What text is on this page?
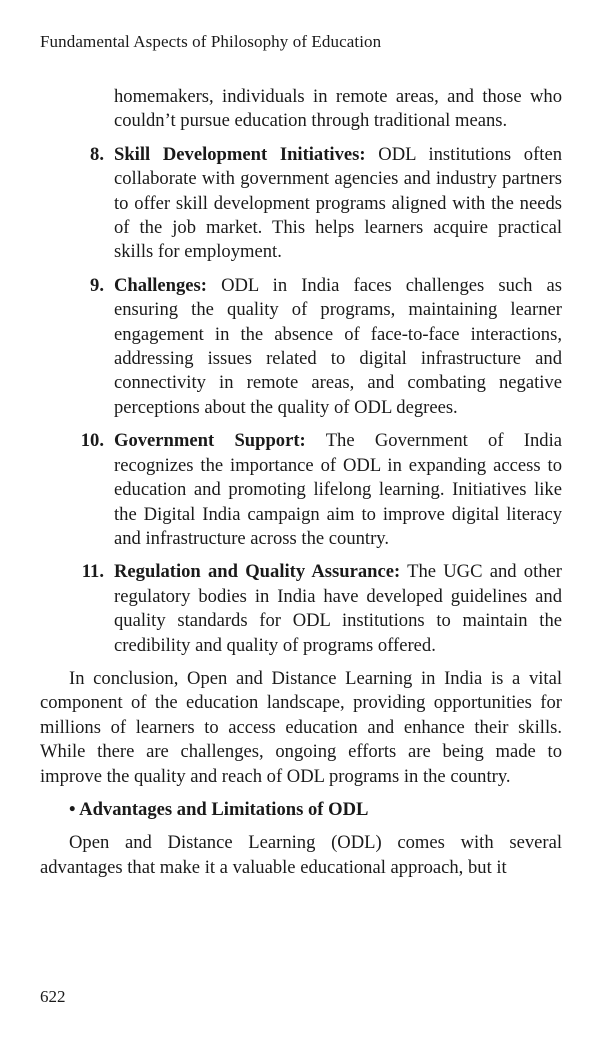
Fundamental Aspects of Philosophy of Education

homemakers, individuals in remote areas, and those who couldn’t pursue education through traditional means.

8. Skill Development Initiatives: ODL institutions often collaborate with government agencies and industry partners to offer skill development programs aligned with the needs of the job market. This helps learners acquire practical skills for employment.
9. Challenges: ODL in India faces challenges such as ensuring the quality of programs, maintaining learner engagement in the absence of face-to-face interactions, addressing issues related to digital infrastructure and connectivity in remote areas, and combating negative perceptions about the quality of ODL degrees.
10. Government Support: The Government of India recognizes the importance of ODL in expanding access to education and promoting lifelong learning. Initiatives like the Digital India campaign aim to improve digital literacy and infrastructure across the country.
11. Regulation and Quality Assurance: The UGC and other regulatory bodies in India have developed guidelines and quality standards for ODL institutions to maintain the credibility and quality of programs offered.

In conclusion, Open and Distance Learning in India is a vital component of the education landscape, providing opportunities for millions of learners to access education and enhance their skills. While there are challenges, ongoing efforts are being made to improve the quality and reach of ODL programs in the country.

• Advantages and Limitations of ODL

Open and Distance Learning (ODL) comes with several advantages that make it a valuable educational approach, but it

622
